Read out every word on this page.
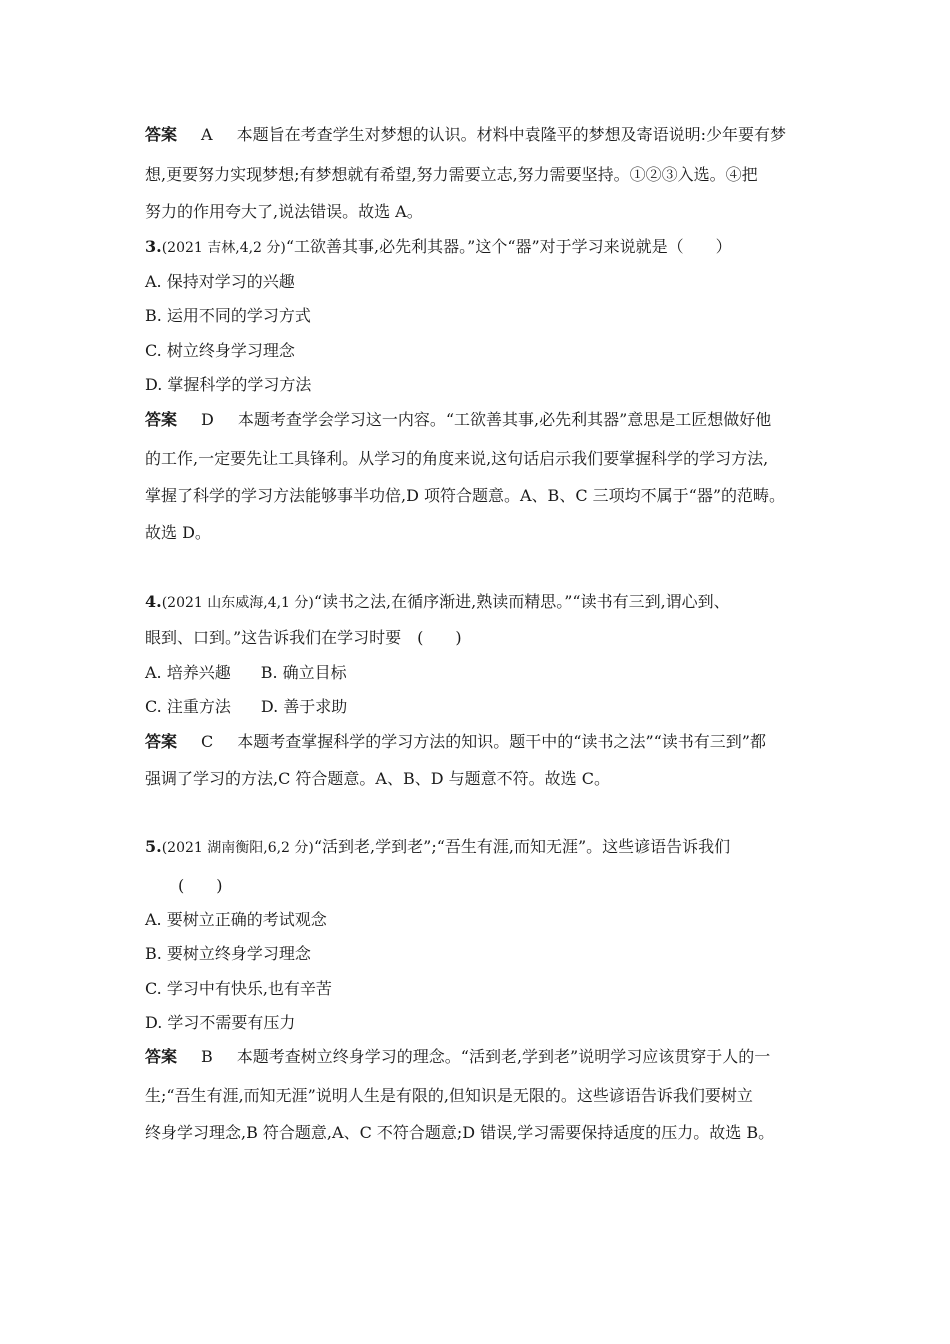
答案 A 本题旨在考查学生对梦想的认识。材料中袁隆平的梦想及寄语说明:少年要有梦
想,更要努力实现梦想;有梦想就有希望,努力需要立志,努力需要坚持。①②③入选。④把
努力的作用夸大了,说法错误。故选 A。
3.(2021 吉林,4,2 分)“工欲善其事,必先利其器。”这个“器”对于学习来说就是（　　）
A. 保持对学习的兴趣
B. 运用不同的学习方式
C. 树立终身学习理念
D. 掌握科学的学习方法
答案 D 本题考查学会学习这一内容。“工欲善其事,必先利其器”意思是工匠想做好他
的工作,一定要先让工具锋利。从学习的角度来说,这句话启示我们要掌握科学的学习方法,
掌握了科学的学习方法能够事半功倍,D 项符合题意。A、B、C 三项均不属于“器”的范畴。
故选 D。
4.(2021 山东威海,4,1 分)“读书之法,在循序渐进,熟读而精思。”“读书有三到,谓心到、
眼到、口到。”这告诉我们在学习时要　(　　)
A. 培养兴趣 B. 确立目标
C. 注重方法 D. 善于求助
答案 C 本题考查掌握科学的学习方法的知识。题干中的“读书之法”“读书有三到”都
强调了学习的方法,C 符合题意。A、B、D 与题意不符。故选 C。
5.(2021 湖南衡阳,6,2 分)“活到老,学到老”;“吾生有涯,而知无涯”。这些谚语告诉我们
(　　)
A. 要树立正确的考试观念
B. 要树立终身学习理念
C. 学习中有快乐,也有辛苦
D. 学习不需要有压力
答案 B 本题考查树立终身学习的理念。“活到老,学到老”说明学习应该贯穿于人的一
生;“吾生有涯,而知无涯”说明人生是有限的,但知识是无限的。这些谚语告诉我们要树立
终身学习理念,B 符合题意,A、C 不符合题意;D 错误,学习需要保持适度的压力。故选 B。
